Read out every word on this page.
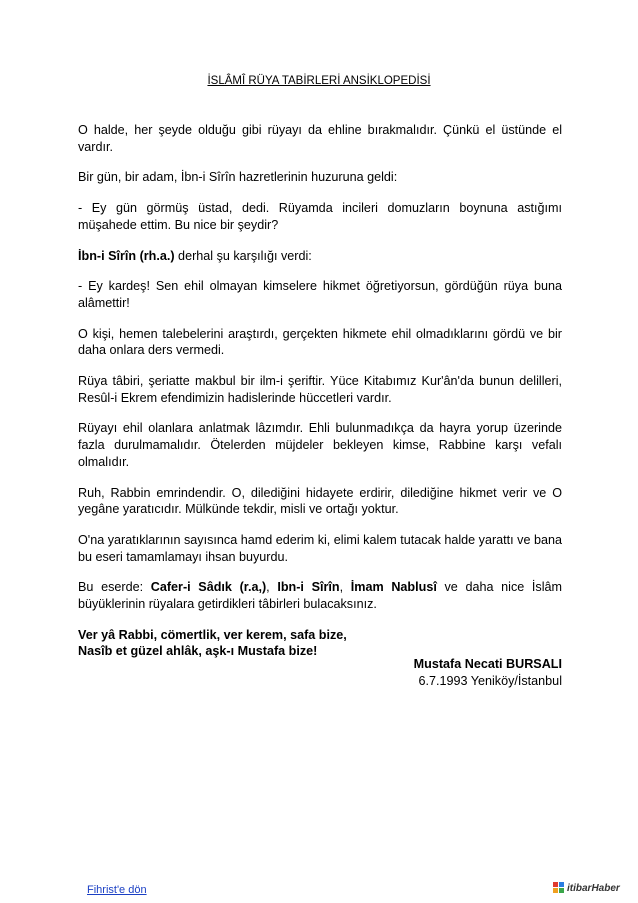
İSLÂMÎ RÜYA TABİRLERİ ANSİKLOPEDİSİ

O halde, her şeyde olduğu gibi rüyayı da ehline bırakmalıdır. Çünkü el üstünde el vardır.

Bir gün, bir adam, İbn-i Sîrîn hazretlerinin huzuruna geldi:

- Ey gün görmüş üstad, dedi. Rüyamda incileri domuzların boynuna astığımı müşahede ettim. Bu nice bir şeydir?

İbn-i Sîrîn (rh.a.) derhal şu karşılığı verdi:

- Ey kardeş! Sen ehil olmayan kimselere hikmet öğretiyorsun, gördüğün rüya buna alâmettir!

O kişi, hemen talebelerini araştırdı, gerçekten hikmete ehil olmadıklarını gördü ve bir daha onlara ders vermedi.

Rüya tâbiri, şeriatte makbul bir ilm-i şeriftir. Yüce Kitabımız Kur'ân'da bunun delilleri, Resûl-i Ekrem efendimizin hadislerinde hüccetleri vardır.

Rüyayı ehil olanlara anlatmak lâzımdır. Ehli bulunmadıkça da hayra yorup üzerinde fazla durulmamalıdır. Ötelerden müjdeler bekleyen kimse, Rabbine karşı vefalı olmalıdır.

Ruh, Rabbin emrindendir. O, dilediğini hidayete erdirir, dilediğine hikmet verir ve O yegâne yaratıcıdır. Mülkünde tekdir, misli ve ortağı yoktur.

O'na yaratıklarının sayısınca hamd ederim ki, elimi kalem tutacak halde yarattı ve bana bu eseri tamamlamayı ihsan buyurdu.

Bu eserde: Cafer-i Sâdık (r.a,), Ibn-i Sîrîn, İmam Nablusî ve daha nice İslâm büyüklerinin rüyalara getirdikleri tâbirleri bulacaksınız.

Ver yâ Rabbi, cömertlik, ver kerem, safa bize,
Nasîb et güzel ahlâk, aşk-ı Mustafa bize!

Mustafa Necati BURSALI
6.7.1993 Yeniköy/İstanbul
Fihrist'e dön	itibarHaber
